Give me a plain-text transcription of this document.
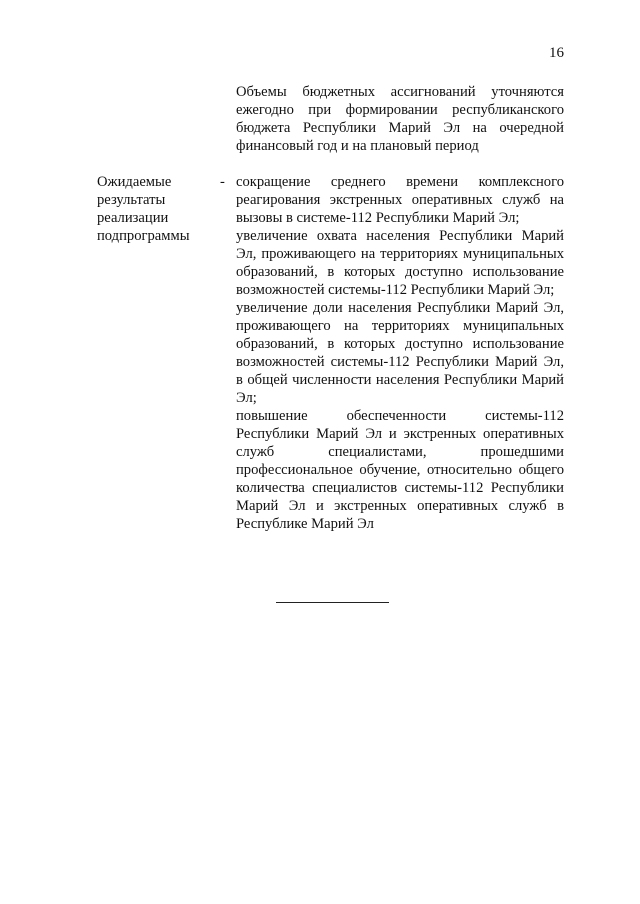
16

Объемы бюджетных ассигнований уточняются ежегодно при формировании республиканского бюджета Республики Марий Эл на очередной финансовый год и на плановый период

Ожидаемые
результаты
реализации
подпрограммы

- сокращение среднего времени комплексного реагирования экстренных оперативных служб на вызовы в системе-112 Республики Марий Эл;
увеличение охвата населения Республики Марий Эл, проживающего на территориях муниципальных образований, в которых доступно использование возможностей системы-112 Республики Марий Эл;
увеличение доли населения Республики Марий Эл, проживающего на территориях муниципальных образований, в которых доступно использование возможностей системы-112 Республики Марий Эл, в общей численности населения Республики Марий Эл;
повышение обеспеченности системы-112 Республики Марий Эл и экстренных оперативных служб специалистами, прошедшими профессиональное обучение, относительно общего количества специалистов системы-112 Республики Марий Эл и экстренных оперативных служб в Республике Марий Эл
